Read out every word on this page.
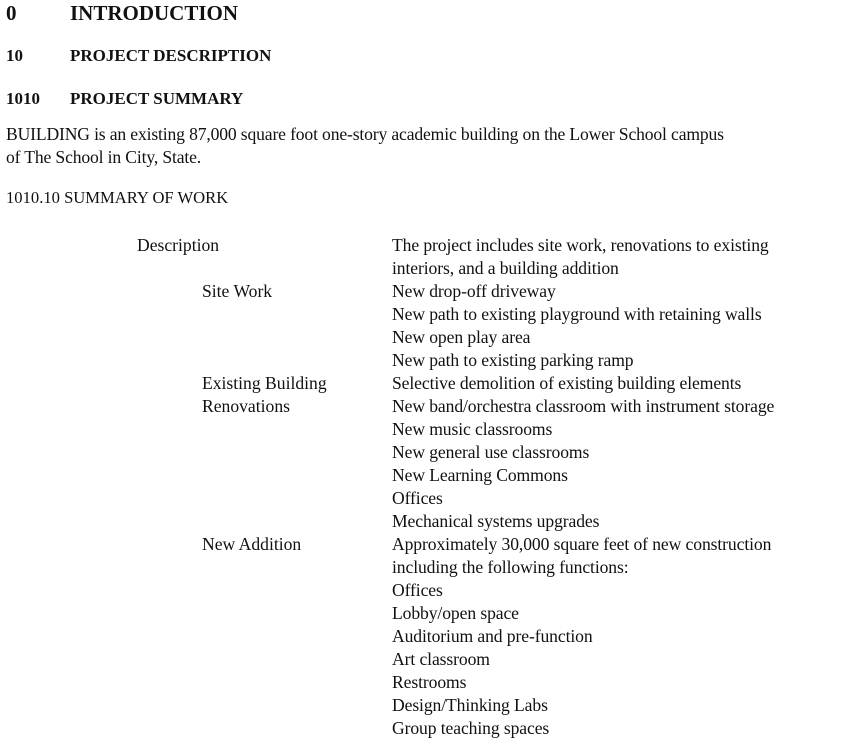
0	INTRODUCTION
10	PROJECT DESCRIPTION
1010 PROJECT SUMMARY
BUILDING is an existing 87,000 square foot one-story academic building on the Lower School campus
of The School in City, State.
1010.10 SUMMARY OF WORK
Description	The project includes site work, renovations to existing
interiors, and a building addition
Site Work	New drop-off driveway
New path to existing playground with retaining walls
New open play area
New path to existing parking ramp
Existing Building	Selective demolition of existing building elements
Renovations	New band/orchestra classroom with instrument storage
New music classrooms
New general use classrooms
New Learning Commons
Offices
Mechanical systems upgrades
New Addition	Approximately 30,000 square feet of new construction
including the following functions:
Offices
Lobby/open space
Auditorium and pre-function
Art classroom
Restrooms
Design/Thinking Labs
Group teaching spaces
